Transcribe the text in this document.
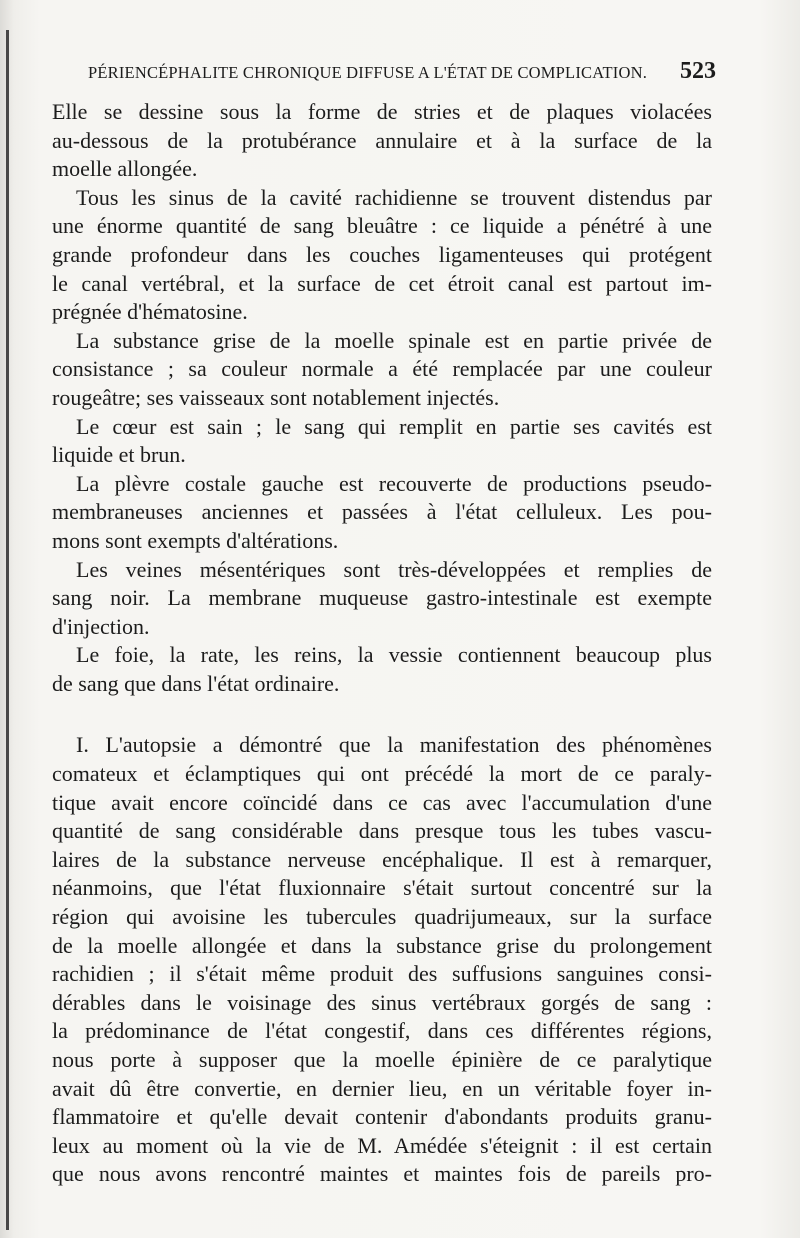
PÉRIENCÉPHALITE CHRONIQUE DIFFUSE A L'ÉTAT DE COMPLICATION. 523
Elle se dessine sous la forme de stries et de plaques violacées
au-dessous de la protubérance annulaire et à la surface de la
moelle allongée.
Tous les sinus de la cavité rachidienne se trouvent distendus par
une énorme quantité de sang bleuâtre : ce liquide a pénétré à une
grande profondeur dans les couches ligamenteuses qui protégent
le canal vertébral, et la surface de cet étroit canal est partout im-
prégnée d'hématosine.
La substance grise de la moelle spinale est en partie privée de
consistance ; sa couleur normale a été remplacée par une couleur
rougeâtre; ses vaisseaux sont notablement injectés.
Le cœur est sain ; le sang qui remplit en partie ses cavités est
liquide et brun.
La plèvre costale gauche est recouverte de productions pseudo-
membraneuses anciennes et passées à l'état celluleux. Les pou-
mons sont exempts d'altérations.
Les veines mésentériques sont très-développées et remplies de
sang noir. La membrane muqueuse gastro-intestinale est exempte
d'injection.
Le foie, la rate, les reins, la vessie contiennent beaucoup plus
de sang que dans l'état ordinaire.
I. L'autopsie a démontré que la manifestation des phénomènes
comateux et éclamptiques qui ont précédé la mort de ce paraly-
tique avait encore coïncidé dans ce cas avec l'accumulation d'une
quantité de sang considérable dans presque tous les tubes vascu-
laires de la substance nerveuse encéphalique. Il est à remarquer,
néanmoins, que l'état fluxionnaire s'était surtout concentré sur la
région qui avoisine les tubercules quadrijumeaux, sur la surface
de la moelle allongée et dans la substance grise du prolongement
rachidien ; il s'était même produit des suffusions sanguines consi-
dérables dans le voisinage des sinus vertébraux gorgés de sang :
la prédominance de l'état congestif, dans ces différentes régions,
nous porte à supposer que la moelle épinière de ce paralytique
avait dû être convertie, en dernier lieu, en un véritable foyer in-
flammatoire et qu'elle devait contenir d'abondants produits granu-
leux au moment où la vie de M. Amédée s'éteignit : il est certain
que nous avons rencontré maintes et maintes fois de pareils pro-
